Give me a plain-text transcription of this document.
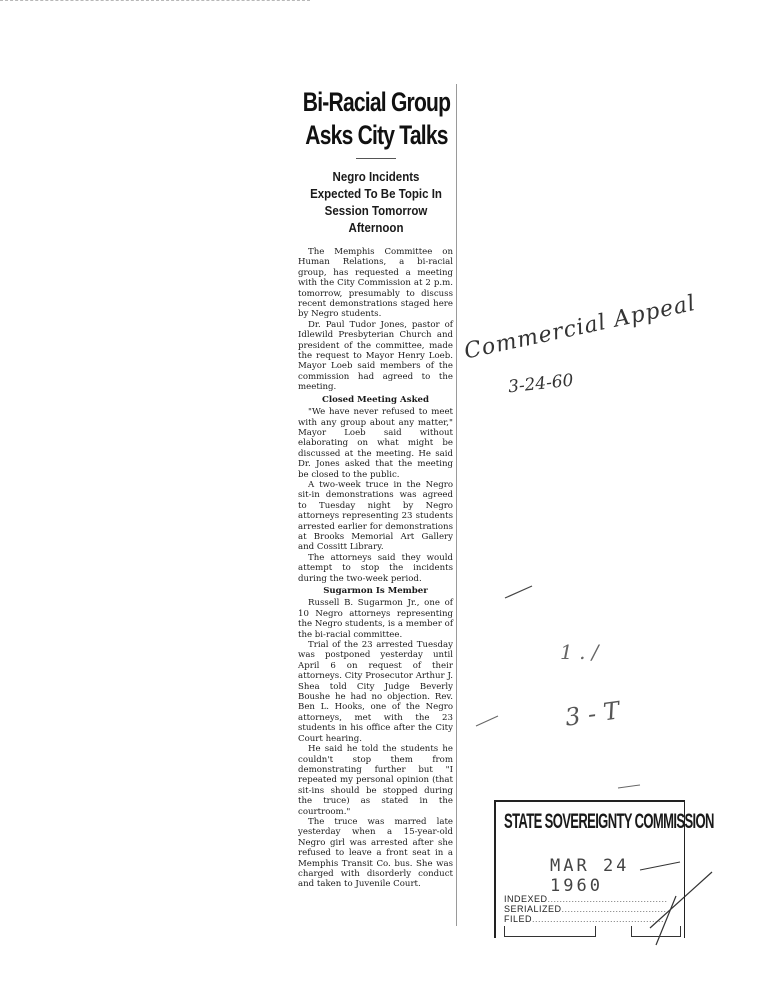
Bi-Racial Group
Asks City Talks
Negro Incidents Expected To Be Topic In Session Tomorrow Afternoon

The Memphis Committee on Human Relations, a bi-racial group, has requested a meeting with the City Commission at 2 p.m. tomorrow, presumably to discuss recent demonstrations staged here by Negro students.

Dr. Paul Tudor Jones, pastor of Idlewild Presbyterian Church and president of the committee, made the request to Mayor Henry Loeb. Mayor Loeb said members of the commission had agreed to the meeting.

Closed Meeting Asked

"We have never refused to meet with any group about any matter," Mayor Loeb said without elaborating on what might be discussed at the meeting. He said Dr. Jones asked that the meeting be closed to the public.

A two-week truce in the Negro sit-in demonstrations was agreed to Tuesday night by Negro attorneys representing 23 students arrested earlier for demonstrations at Brooks Memorial Art Gallery and Cossitt Library.

The attorneys said they would attempt to stop the incidents during the two-week period.

Sugarmon Is Member

Russell B. Sugarmon Jr., one of 10 Negro attorneys representing the Negro students, is a member of the bi-racial committee.

Trial of the 23 arrested Tuesday was postponed yesterday until April 6 on request of their attorneys. City Prosecutor Arthur J. Shea told City Judge Beverly Boushe he had no objection. Rev. Ben L. Hooks, one of the Negro attorneys, met with the 23 students in his office after the City Court hearing.

He said he told the students he couldn't stop them from demonstrating further but "I repeated my personal opinion (that sit-ins should be stopped during the truce) as stated in the courtroom."

The truce was marred late yesterday when a 15-year-old Negro girl was arrested after she refused to leave a front seat in a Memphis Transit Co. bus. She was charged with disorderly conduct and taken to Juvenile Court.

Commercial Appeal
3-24-60
1 . /
3 - T
STATE SOVEREIGNTY COMMISSION
MAR 24 1960
INDEXED........................................
SERIALIZED...................................
FILED............................................
